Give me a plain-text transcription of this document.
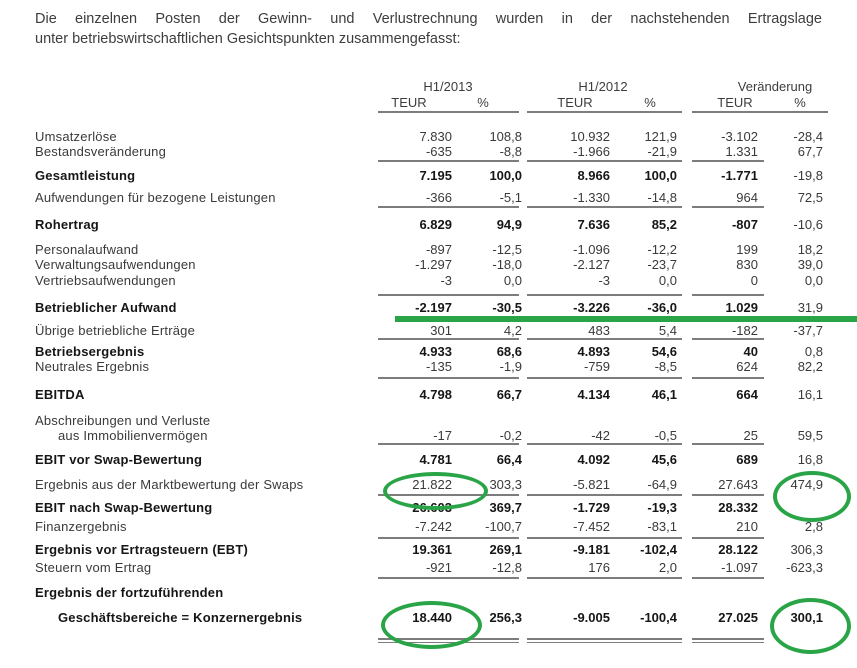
Die einzelnen Posten der Gewinn- und Verlustrechnung wurden in der nachstehenden Ertragslage
unter betriebswirtschaftlichen Gesichtspunkten zusammengefasst:
H1/2013
TEUR	%
H1/2012
TEUR	%
Veränderung
TEUR	%
Umsatzerlöse	7.830	108,8	10.932	121,9	-3.102	-28,4
Bestandsveränderung	-635	-8,8	-1.966	-21,9	1.331	67,7
Gesamtleistung	7.195	100,0	8.966	100,0	-1.771	-19,8
Aufwendungen für bezogene Leistungen	-366	-5,1	-1.330	-14,8	964	72,5
Rohertrag	6.829	94,9	7.636	85,2	-807	-10,6
Personalaufwand	-897	-12,5	-1.096	-12,2	199	18,2
Verwaltungsaufwendungen	-1.297	-18,0	-2.127	-23,7	830	39,0
Vertriebsaufwendungen	-3	0,0	-3	0,0	0	0,0
Betrieblicher Aufwand	-2.197	-30,5	-3.226	-36,0	1.029	31,9
Übrige betriebliche Erträge	301	4,2	483	5,4	-182	-37,7
Betriebsergebnis	4.933	68,6	4.893	54,6	40	0,8
Neutrales Ergebnis	-135	-1,9	-759	-8,5	624	82,2
EBITDA	4.798	66,7	4.134	46,1	664	16,1
Abschreibungen und Verluste
aus Immobilienvermögen	-17	-0,2	-42	-0,5	25	59,5
EBIT vor Swap-Bewertung	4.781	66,4	4.092	45,6	689	16,8
Ergebnis aus der Marktbewertung der Swaps	21.822	303,3	-5.821	-64,9	27.643 474,9
EBIT nach Swap-Bewertung	26.603	369,7	-1.729	-19,3	28.332
Finanzergebnis	-7.242	-100,7	-7.452	-83,1	210	2,8
Ergebnis vor Ertragsteuern (EBT)	19.361	269,1	-9.181 -102,4	28.122 306,3
Steuern vom Ertrag	-921	-12,8	176	2,0	-1.097 -623,3
Ergebnis der fortzuführenden
Geschäftsbereiche = Konzernergebnis	18.440	256,3	-9.005 -100,4	27.025 300,1
